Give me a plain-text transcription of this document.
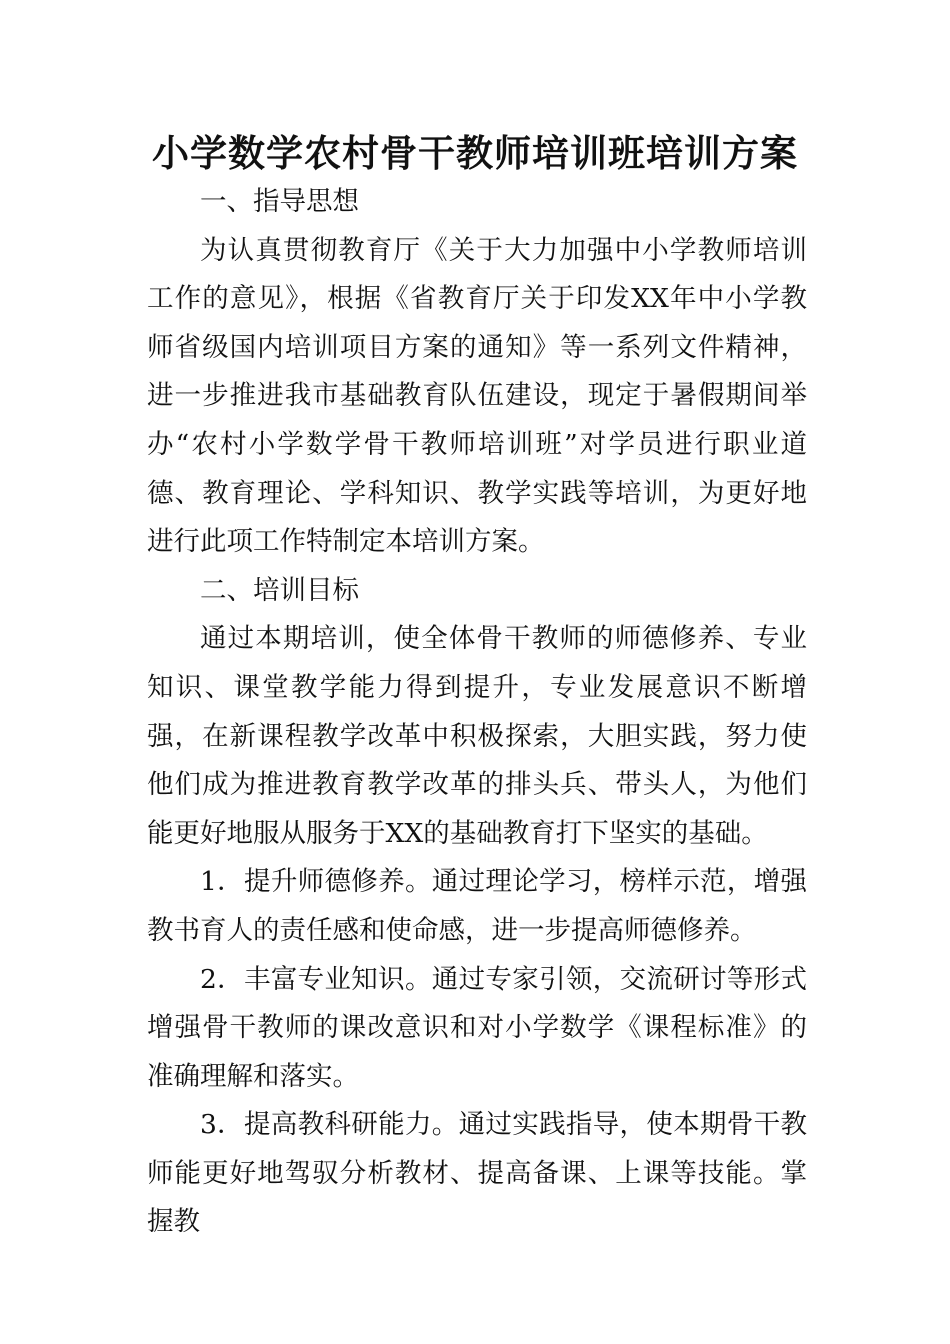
小学数学农村骨干教师培训班培训方案

一、指导思想

为认真贯彻教育厅《关于大力加强中小学教师培训工作的意见》，根据《省教育厅关于印发XX年中小学教师省级国内培训项目方案的通知》等一系列文件精神，进一步推进我市基础教育队伍建设，现定于暑假期间举办“农村小学数学骨干教师培训班”对学员进行职业道德、教育理论、学科知识、教学实践等培训，为更好地进行此项工作特制定本培训方案。

二、培训目标

通过本期培训，使全体骨干教师的师德修养、专业知识、课堂教学能力得到提升，专业发展意识不断增强，在新课程教学改革中积极探索，大胆实践，努力使他们成为推进教育教学改革的排头兵、带头人，为他们能更好地服从服务于XX的基础教育打下坚实的基础。

1．提升师德修养。通过理论学习，榜样示范，增强教书育人的责任感和使命感，进一步提高师德修养。

2．丰富专业知识。通过专家引领，交流研讨等形式增强骨干教师的课改意识和对小学数学《课程标准》的准确理解和落实。

3．提高教科研能力。通过实践指导，使本期骨干教师能更好地驾驭分析教材、提高备课、上课等技能。掌握教
